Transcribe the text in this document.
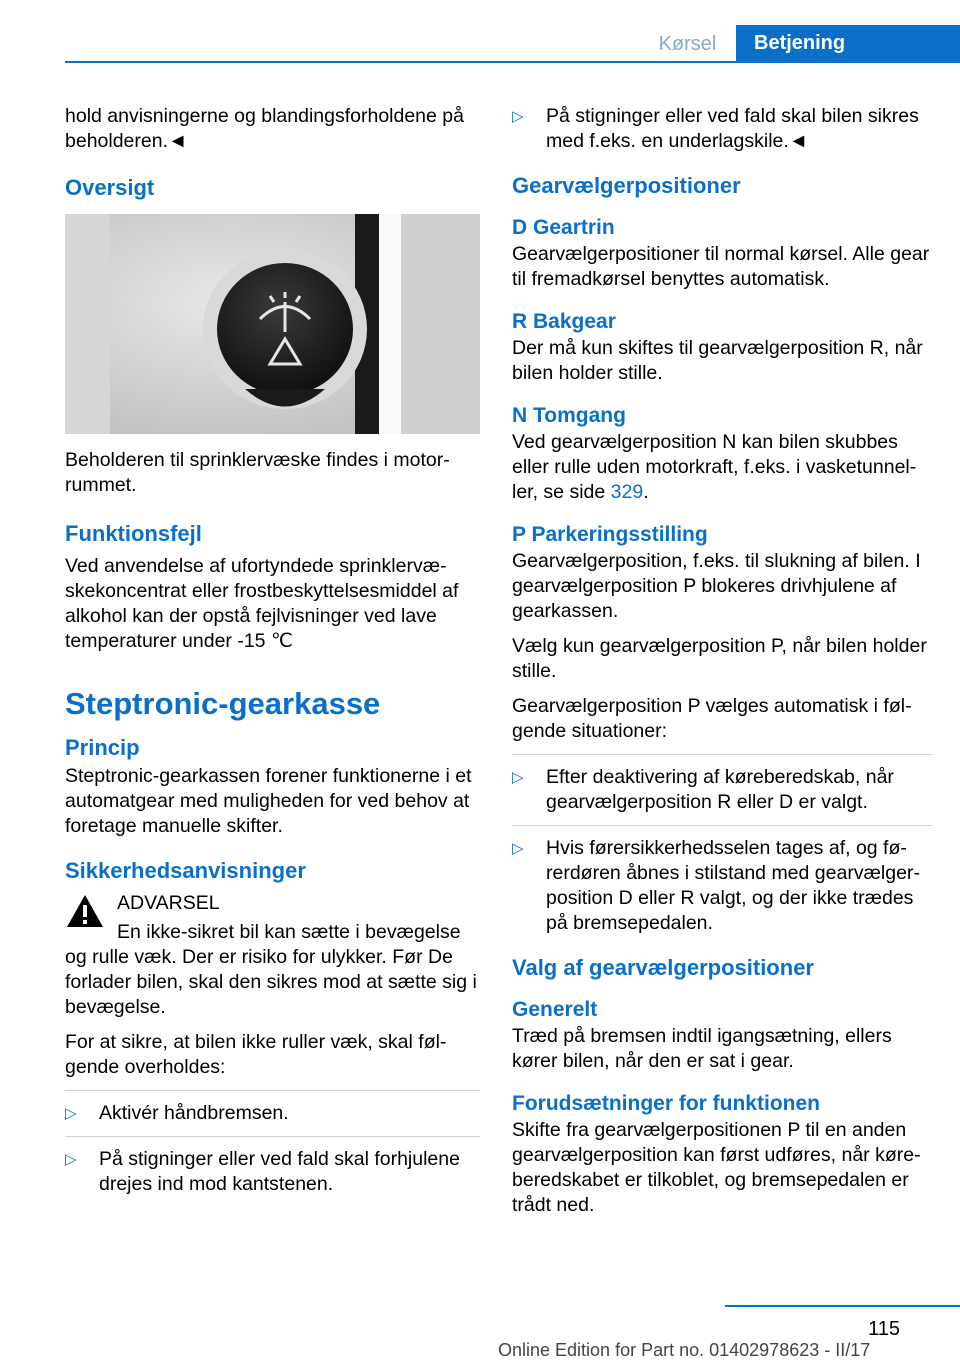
Kørsel	Betjening

hold anvisningerne og blandingsforholdene på beholderen.◄

Oversigt

Beholderen til sprinklervæske findes i motorrummet.

Funktionsfejl

Ved anvendelse af ufortyndede sprinklervæskekoncentrat eller frostbeskyttelsesmiddel af alkohol kan der opstå fejlvisninger ved lave temperaturer under -15 ℃

Steptronic-gearkasse
Princip

Steptronic-gearkassen forener funktionerne i et automatgear med muligheden for ved behov at foretage manuelle skifter.

Sikkerhedsanvisninger
ADVARSEL

En ikke-sikret bil kan sætte i bevægelse og rulle væk. Der er risiko for ulykker. Før De forlader bilen, skal den sikres mod at sætte sig i bevægelse.

For at sikre, at bilen ikke ruller væk, skal følgende overholdes:

▷ Aktivér håndbremsen.
▷ På stigninger eller ved fald skal forhjulene drejes ind mod kantstenen.
▷ På stigninger eller ved fald skal bilen sikres med f.eks. en underlagskile.◄
Gearvælgerpositioner
D Geartrin

Gearvælgerpositioner til normal kørsel. Alle gear til fremadkørsel benyttes automatisk.

R Bakgear

Der må kun skiftes til gearvælgerposition R, når bilen holder stille.

N Tomgang

Ved gearvælgerposition N kan bilen skubbes eller rulle uden motorkraft, f.eks. i vasketunneller, se side 329.

P Parkeringsstilling

Gearvælgerposition, f.eks. til slukning af bilen. I gearvælgerposition P blokeres drivhjulene af gearkassen.

Vælg kun gearvælgerposition P, når bilen holder stille.

Gearvælgerposition P vælges automatisk i følgende situationer:

▷ Efter deaktivering af køreberedskab, når gearvælgerposition R eller D er valgt.
▷ Hvis førersikkerhedsselen tages af, og førerdøren åbnes i stilstand med gearvælgerposition D eller R valgt, og der ikke trædes på bremsepedalen.
Valg af gearvælgerpositioner
Generelt

Træd på bremsen indtil igangsætning, ellers kører bilen, når den er sat i gear.

Forudsætninger for funktionen

Skifte fra gearvælgerpositionen P til en anden gearvælgerposition kan først udføres, når køreberedskabet er tilkoblet, og bremsepedalen er trådt ned.

115
Online Edition for Part no. 01402978623 - II/17
